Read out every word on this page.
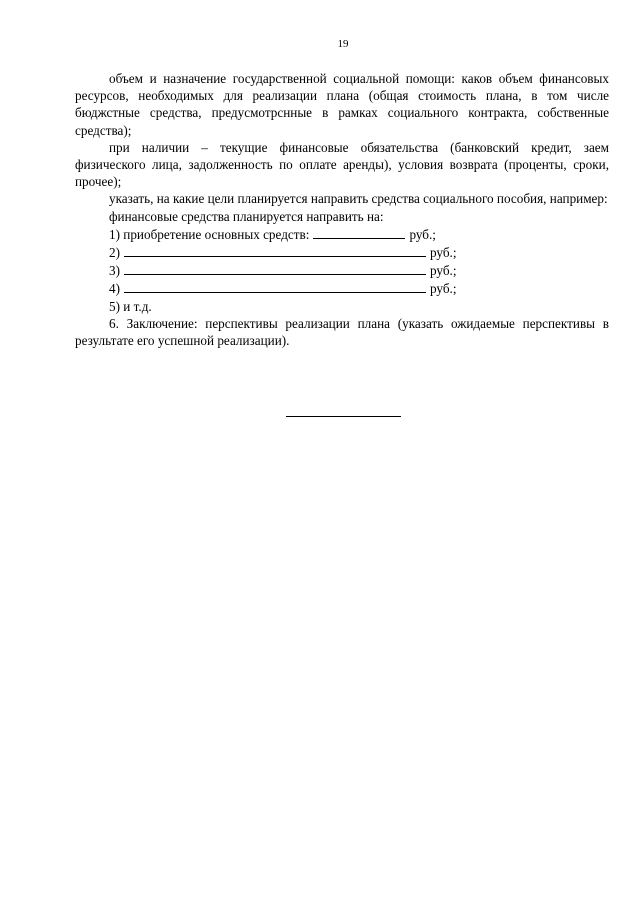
19

объем и назначение государственной социальной помощи: каков объем финансовых ресурсов, необходимых для реализации плана (общая стоимость плана, в том числе бюджстные средства, предусмотрснные в рамках социального контракта, собственные средства);

при наличии – текущие финансовые обязательства (банковский кредит, заем физического лица, задолженность по оплате аренды), условия возврата (проценты, сроки, прочее);

указать, на какие цели планируется направить средства социального пособия, например:

финансовые средства планируется направить на:

1) приобретение основных средств:	руб.;

2)	руб.;

3)	руб.;

4)	руб.;

5) и т.д.

6. Заключение: перспективы реализации плана (указать ожидаемые перспективы в результате его успешной реализации).
